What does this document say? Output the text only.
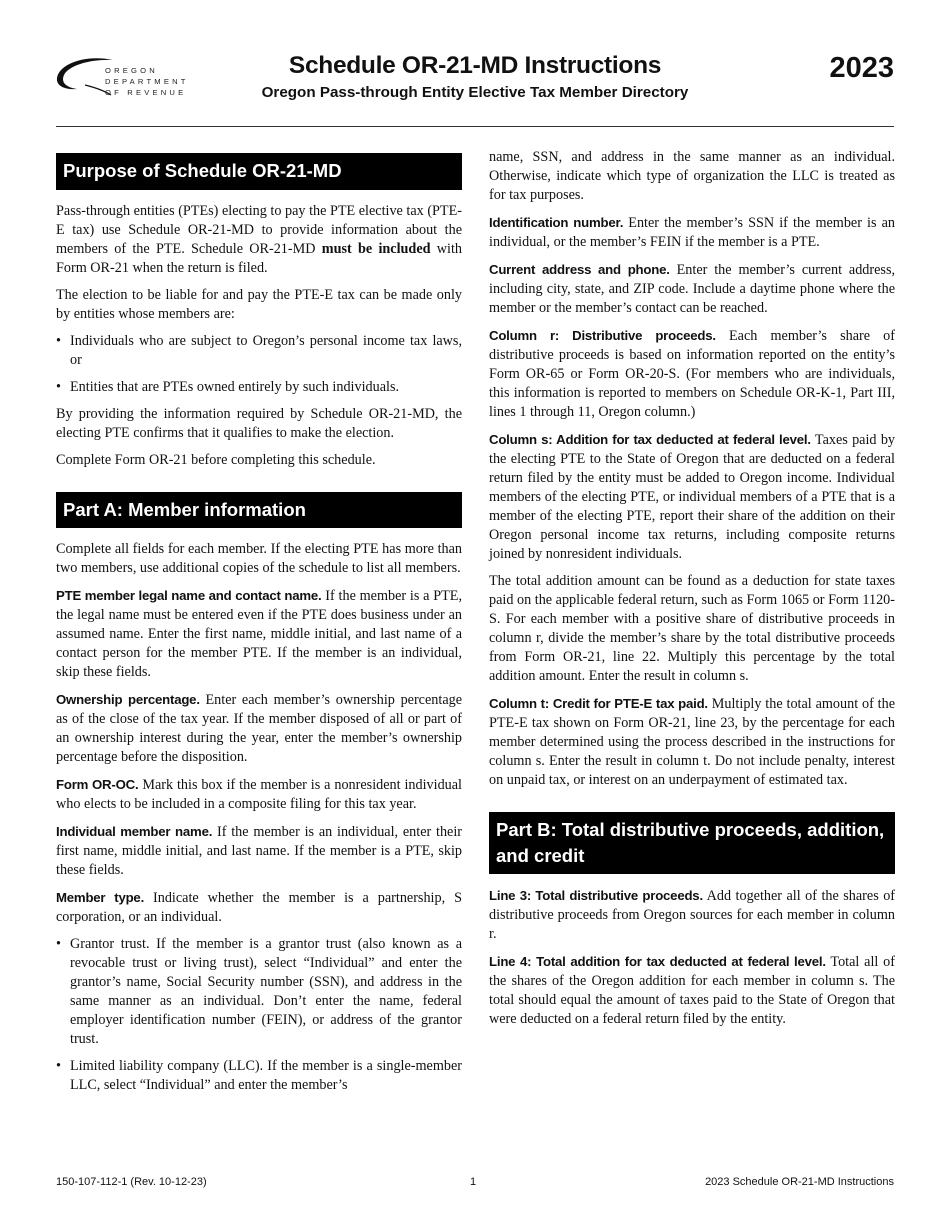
OREGON
DEPARTMENT
OF REVENUE
Schedule OR-21-MD Instructions
Oregon Pass-through Entity Elective Tax Member Directory
2023
Purpose of Schedule OR-21-MD

Pass-through entities (PTEs) electing to pay the PTE elective tax (PTE-E tax) use Schedule OR-21-MD to provide information about the members of the PTE. Schedule OR-21-MD must be included with Form OR-21 when the return is filed.

The election to be liable for and pay the PTE-E tax can be made only by entities whose members are:

• Individuals who are subject to Oregon’s personal income tax laws, or

• Entities that are PTEs owned entirely by such individuals.

By providing the information required by Schedule OR-21-MD, the electing PTE confirms that it qualifies to make the election.

Complete Form OR-21 before completing this schedule.

Part A: Member information

Complete all fields for each member. If the electing PTE has more than two members, use additional copies of the schedule to list all members.

PTE member legal name and contact name. If the member is a PTE, the legal name must be entered even if the PTE does business under an assumed name. Enter the first name, middle initial, and last name of a contact person for the member PTE. If the member is an individual, skip these fields.

Ownership percentage. Enter each member’s ownership percentage as of the close of the tax year. If the member disposed of all or part of an ownership interest during the year, enter the member’s ownership percentage before the disposition.

Form OR-OC. Mark this box if the member is a nonresident individual who elects to be included in a composite filing for this tax year.

Individual member name. If the member is an individual, enter their first name, middle initial, and last name. If the member is a PTE, skip these fields.

Member type. Indicate whether the member is a partnership, S corporation, or an individual.

• Grantor trust. If the member is a grantor trust (also known as a revocable trust or living trust), select “Individual” and enter the grantor’s name, Social Security number (SSN), and address in the same manner as an individual. Don’t enter the name, federal employer identification number (FEIN), or address of the grantor trust.

• Limited liability company (LLC). If the member is a single-member LLC, select “Individual” and enter the member’s

name, SSN, and address in the same manner as an individual. Otherwise, indicate which type of organization the LLC is treated as for tax purposes.

Identification number. Enter the member’s SSN if the member is an individual, or the member’s FEIN if the member is a PTE.

Current address and phone. Enter the member’s current address, including city, state, and ZIP code. Include a daytime phone where the member or the member’s contact can be reached.

Column r: Distributive proceeds. Each member’s share of distributive proceeds is based on information reported on the entity’s Form OR-65 or Form OR-20-S. (For members who are individuals, this information is reported to members on Schedule OR-K-1, Part III, lines 1 through 11, Oregon column.)

Column s: Addition for tax deducted at federal level. Taxes paid by the electing PTE to the State of Oregon that are deducted on a federal return filed by the entity must be added to Oregon income. Individual members of the electing PTE, or individual members of a PTE that is a member of the electing PTE, report their share of the addition on their Oregon personal income tax returns, including composite returns joined by nonresident individuals.

The total addition amount can be found as a deduction for state taxes paid on the applicable federal return, such as Form 1065 or Form 1120-S. For each member with a positive share of distributive proceeds in column r, divide the member’s share by the total distributive proceeds from Form OR-21, line 22. Multiply this percentage by the total addition amount. Enter the result in column s.

Column t: Credit for PTE-E tax paid. Multiply the total amount of the PTE-E tax shown on Form OR-21, line 23, by the percentage for each member determined using the process described in the instructions for column s. Enter the result in column t. Do not include penalty, interest on unpaid tax, or interest on an underpayment of estimated tax.

Part B: Total distributive proceeds, addition, and credit

Line 3: Total distributive proceeds. Add together all of the shares of distributive proceeds from Oregon sources for each member in column r.

Line 4: Total addition for tax deducted at federal level. Total all of the shares of the Oregon addition for each member in column s. The total should equal the amount of taxes paid to the State of Oregon that were deducted on a federal return filed by the entity.

150-107-112-1 (Rev. 10-12-23)	1	2023 Schedule OR-21-MD Instructions
